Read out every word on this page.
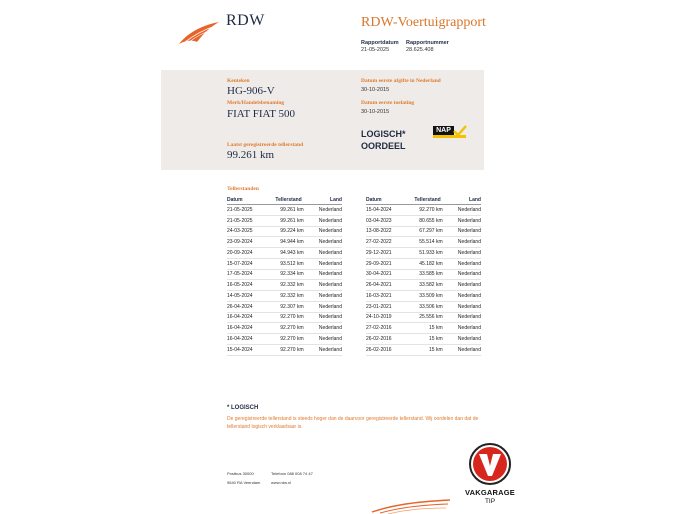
RDW	RDW-Voertuigrapport
Rapportdatum
21-05-2025
Rapportnummer
28.625.408
Kenteken
HG-906-V
Merk/Handelsbenaming
FIAT FIAT 500
Laatst geregistreerde tellerstand
99.261 km
Datum eerste afgifte in Nederland
30-10-2015
Datum eerste toelating
30-10-2015
LOGISCH*
OORDEEL
NAP
Tellerstanden
Datum	Tellerstand	Land
21-05-2025	99.261 km	Nederland
21-05-2025	99.261 km	Nederland
24-03-2025	99.224 km	Nederland
23-09-2024	94.944 km	Nederland
20-09-2024	94.943 km	Nederland
15-07-2024	93.512 km	Nederland
17-05-2024	92.334 km	Nederland
16-05-2024	92.332 km	Nederland
14-05-2024	92.332 km	Nederland
26-04-2024	92.307 km	Nederland
16-04-2024	92.270 km	Nederland
16-04-2024	92.270 km	Nederland
16-04-2024	92.270 km	Nederland
15-04-2024	92.270 km	Nederland
Datum	Tellerstand	Land
15-04-2024	92.270 km	Nederland
03-04-2023	80.655 km	Nederland
13-08-2022	67.297 km	Nederland
27-02-2022	55.514 km	Nederland
29-12-2021	51.933 km	Nederland
29-09-2021	45.182 km	Nederland
30-04-2021	33.585 km	Nederland
26-04-2021	33.582 km	Nederland
16-03-2021	33.509 km	Nederland
23-01-2021	33.506 km	Nederland
24-10-2019	25.556 km	Nederland
27-02-2016	15 km	Nederland
26-02-2016	15 km	Nederland
26-02-2016	15 km	Nederland
* LOGISCH
De geregistreerde tellerstand is steeds hoger dan de daarvoor geregistreerde tellerstand. Wij oordelen dan dat de tellerstand logisch verklaarbaar is.
Postbus 30000
9640 RA Veendam
Telefoon 088 008 74 47
www.rdw.nl
VAKGARAGE
TIP
